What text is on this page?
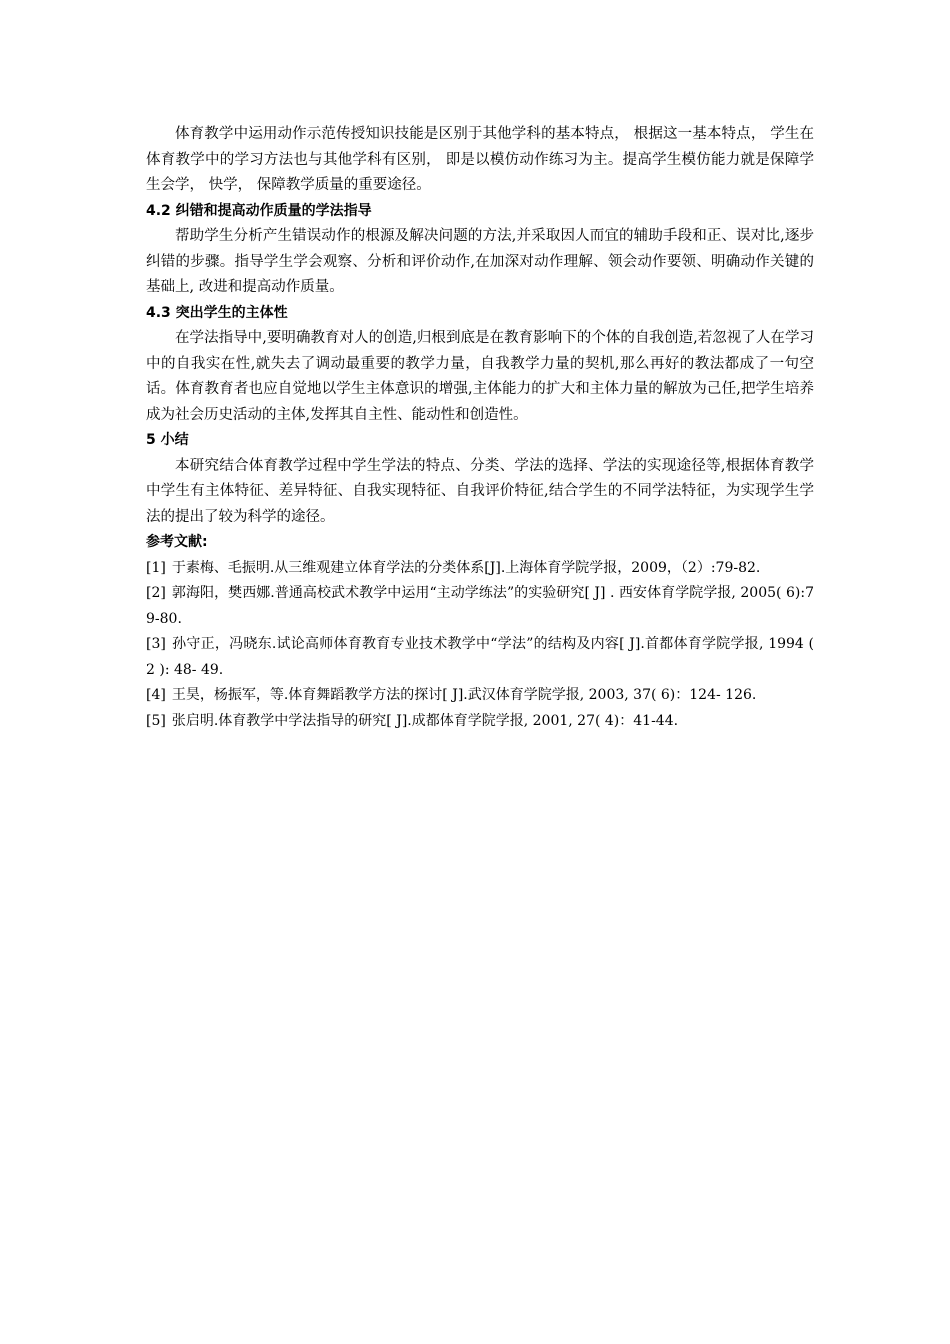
体育教学中运用动作示范传授知识技能是区别于其他学科的基本特点， 根据这一基本特点， 学生在体育教学中的学习方法也与其他学科有区别， 即是以模仿动作练习为主。提高学生模仿能力就是保障学生会学， 快学， 保障教学质量的重要途径。

4.2 纠错和提高动作质量的学法指导

帮助学生分析产生错误动作的根源及解决问题的方法,并采取因人而宜的辅助手段和正、误对比,逐步纠错的步骤。指导学生学会观察、分析和评价动作,在加深对动作理解、领会动作要领、明确动作关键的基础上, 改进和提高动作质量。

4.3 突出学生的主体性

在学法指导中,要明确教育对人的创造,归根到底是在教育影响下的个体的自我创造,若忽视了人在学习中的自我实在性,就失去了调动最重要的教学力量，自我教学力量的契机,那么再好的教法都成了一句空话。体育教育者也应自觉地以学生主体意识的增强,主体能力的扩大和主体力量的解放为己任,把学生培养成为社会历史活动的主体,发挥其自主性、能动性和创造性。

5 小结

本研究结合体育教学过程中学生学法的特点、分类、学法的选择、学法的实现途径等,根据体育教学中学生有主体特征、差异特征、自我实现特征、自我评价特征,结合学生的不同学法特征，为实现学生学法的提出了较为科学的途径。

参考文献:
[1] 于素梅、毛振明.从三维观建立体育学法的分类体系[J].上海体育学院学报，2009，（2）:79-82.
[2] 郭海阳，樊西娜.普通高校武术教学中运用“主动学练法”的实验研究[ J] . 西安体育学院学报, 2005( 6):79-80.
[3] 孙守正，冯晓东.试论高师体育教育专业技术教学中“学法”的结构及内容[ J].首都体育学院学报, 1994 ( 2 ): 48- 49.
[4] 王昊，杨振军，等.体育舞蹈教学方法的探讨[ J].武汉体育学院学报, 2003, 37( 6)：124- 126.
[5] 张启明.体育教学中学法指导的研究[ J].成都体育学院学报, 2001, 27( 4)：41-44.
